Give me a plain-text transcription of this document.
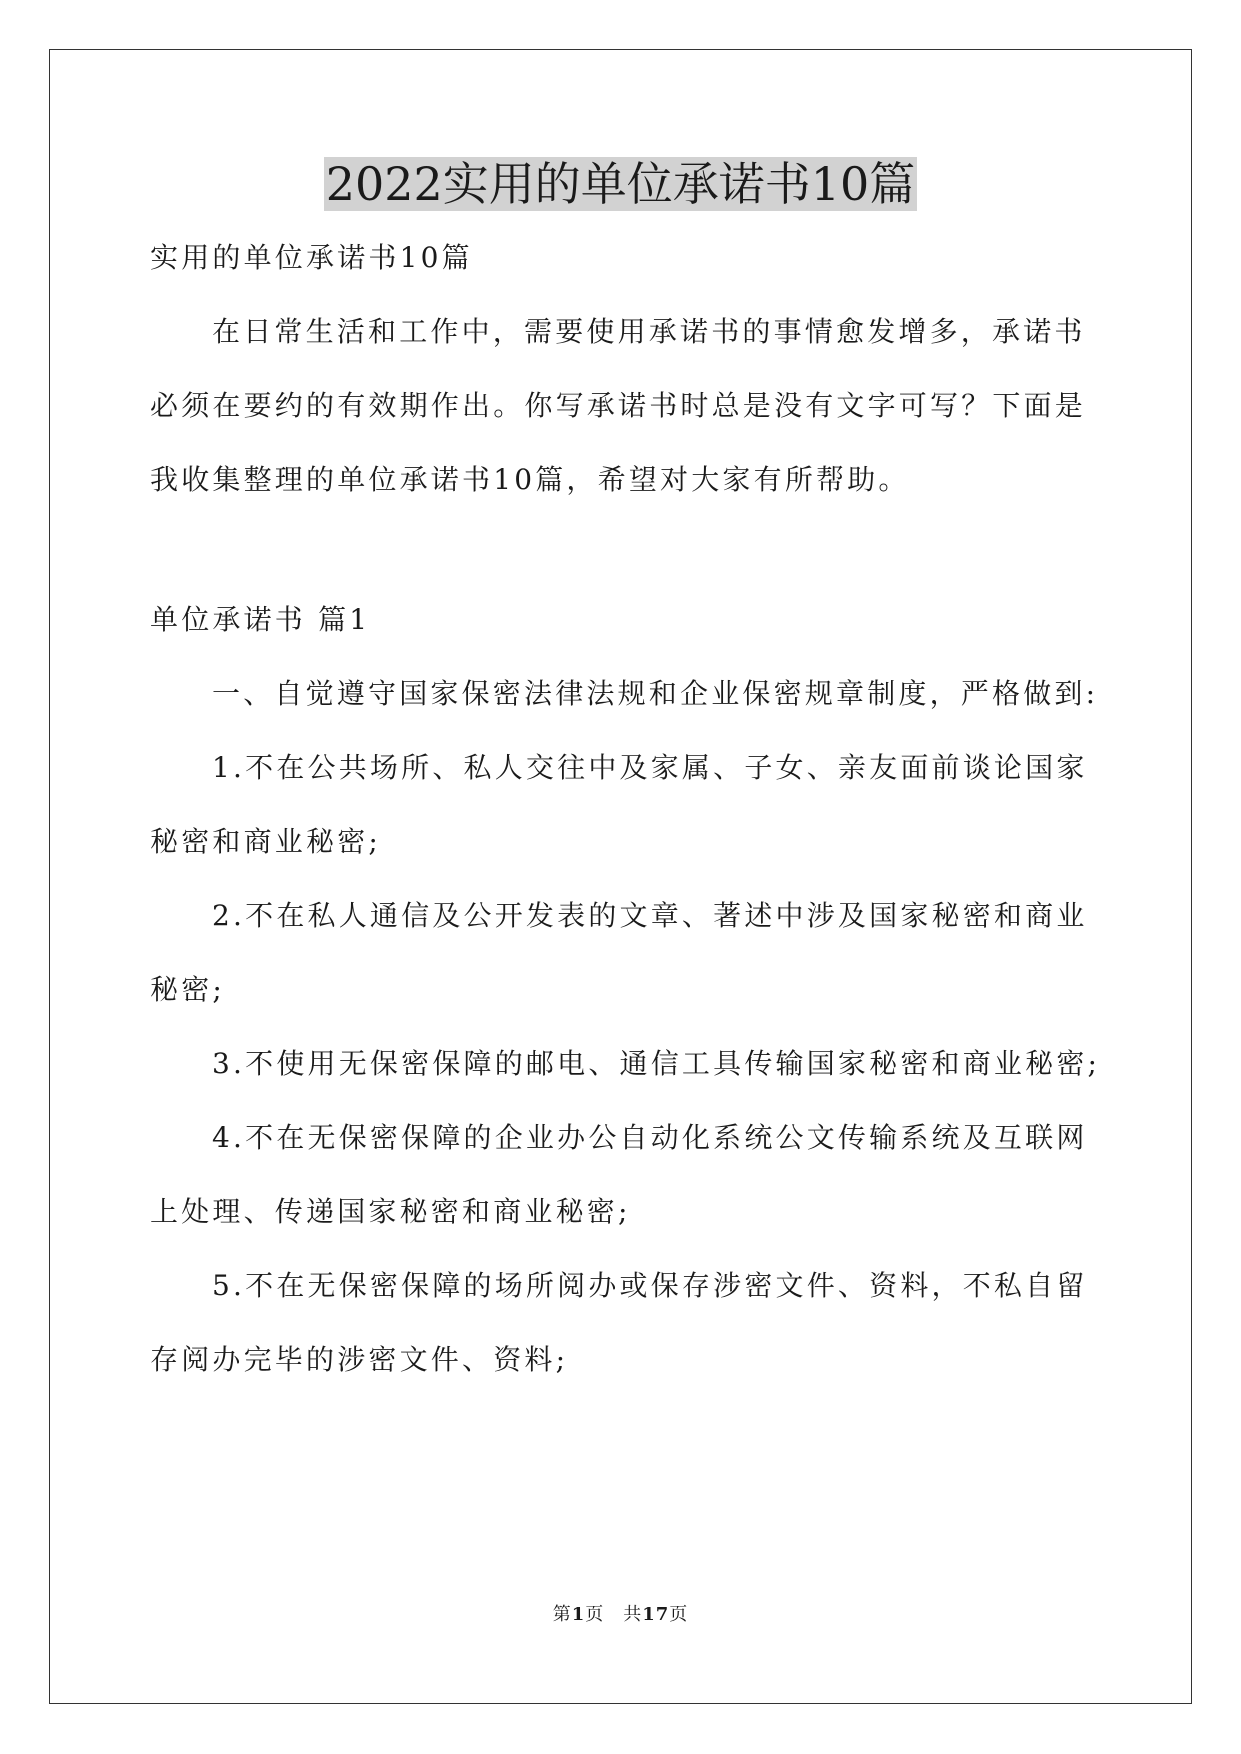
2022实用的单位承诺书10篇
实用的单位承诺书10篇
在日常生活和工作中，需要使用承诺书的事情愈发增多，承诺书
必须在要约的有效期作出。你写承诺书时总是没有文字可写？下面是
我收集整理的单位承诺书10篇，希望对大家有所帮助。
单位承诺书 篇1
一、自觉遵守国家保密法律法规和企业保密规章制度，严格做到:
1.不在公共场所、私人交往中及家属、子女、亲友面前谈论国家
秘密和商业秘密;
2.不在私人通信及公开发表的文章、著述中涉及国家秘密和商业
秘密;
3.不使用无保密保障的邮电、通信工具传输国家秘密和商业秘密;
4.不在无保密保障的企业办公自动化系统公文传输系统及互联网
上处理、传递国家秘密和商业秘密;
5.不在无保密保障的场所阅办或保存涉密文件、资料，不私自留
存阅办完毕的涉密文件、资料;
第1页　共17页
